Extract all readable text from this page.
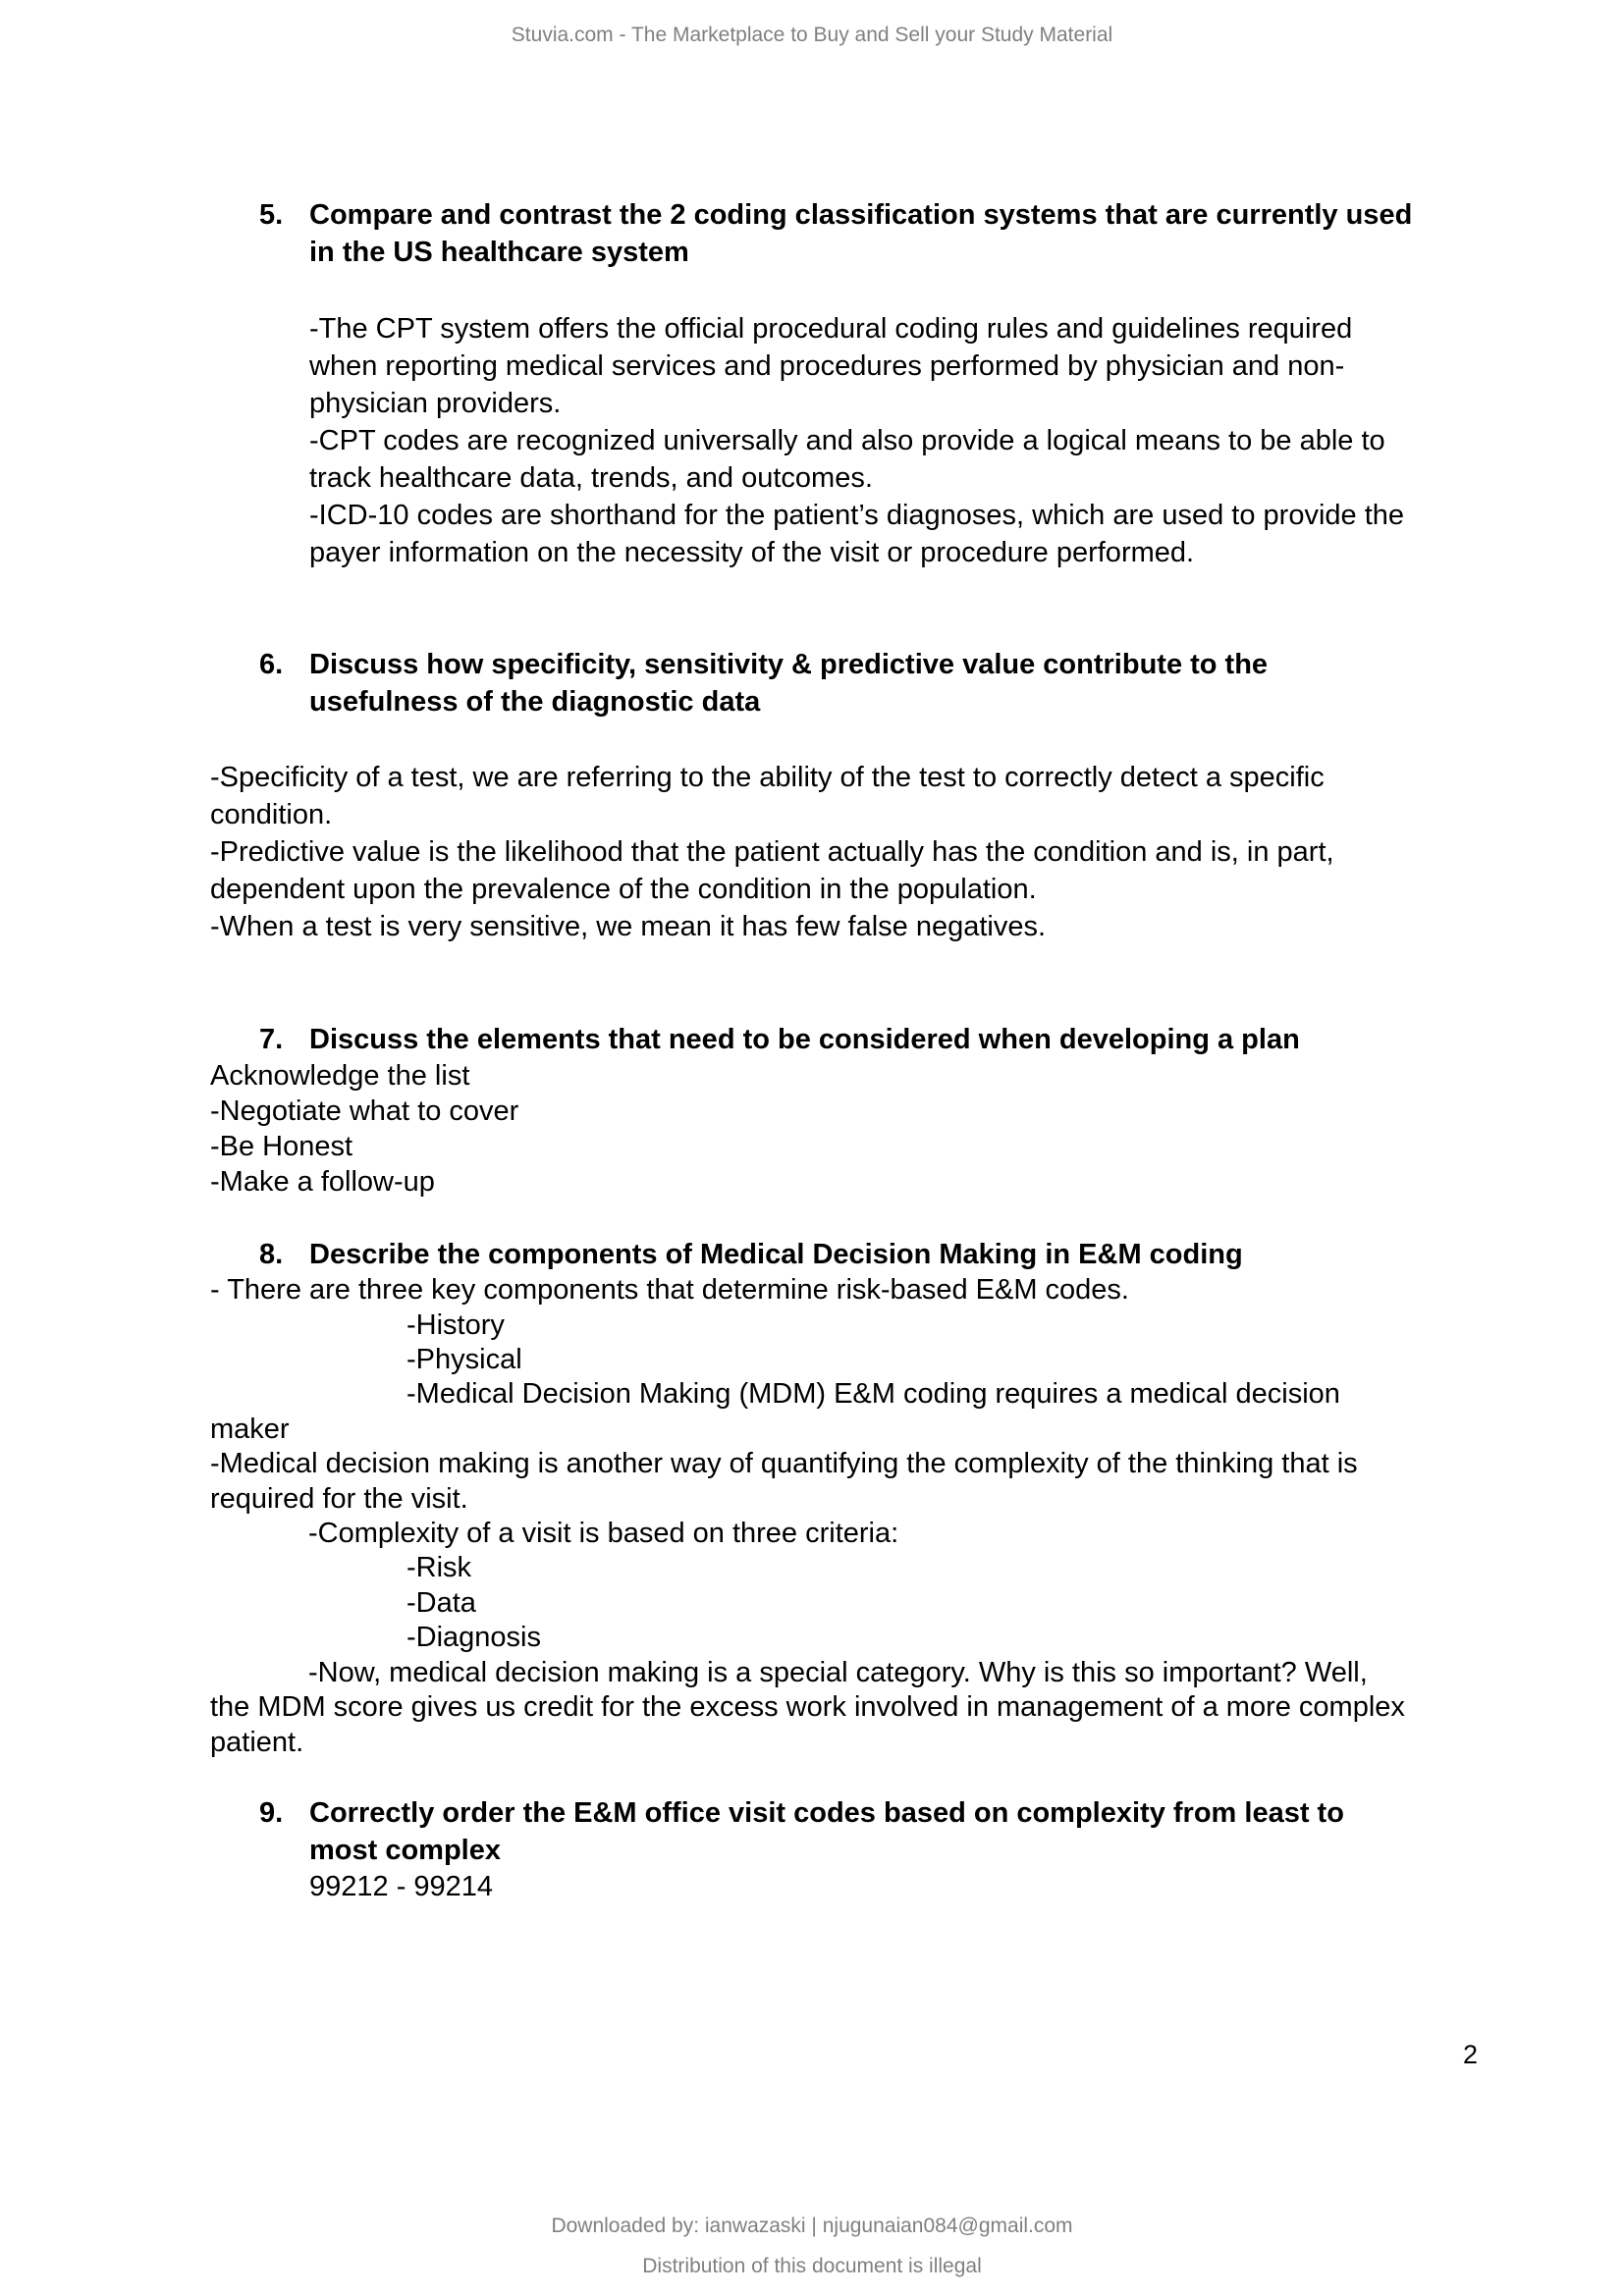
Stuvia.com - The Marketplace to Buy and Sell your Study Material
5. Compare and contrast the 2 coding classification systems that are currently used
in the US healthcare system
-The CPT system offers the official procedural coding rules and guidelines required
when reporting medical services and procedures performed by physician and non-
physician providers.
-CPT codes are recognized universally and also provide a logical means to be able to
track healthcare data, trends, and outcomes.
-ICD-10 codes are shorthand for the patient’s diagnoses, which are used to provide the
payer information on the necessity of the visit or procedure performed.
6. Discuss how specificity, sensitivity & predictive value contribute to the
usefulness of the diagnostic data
-Specificity of a test, we are referring to the ability of the test to correctly detect a specific
condition.
-Predictive value is the likelihood that the patient actually has the condition and is, in part,
dependent upon the prevalence of the condition in the population.
-When a test is very sensitive, we mean it has few false negatives.
7. Discuss the elements that need to be considered when developing a plan
Acknowledge the list
-Negotiate what to cover
-Be Honest
-Make a follow-up
8. Describe the components of Medical Decision Making in E&M coding
- There are three key components that determine risk-based E&M codes.
-History
-Physical
-Medical Decision Making (MDM) E&M coding requires a medical decision
maker
-Medical decision making is another way of quantifying the complexity of the thinking that is
required for the visit.
-Complexity of a visit is based on three criteria:
-Risk
-Data
-Diagnosis
-Now, medical decision making is a special category. Why is this so important? Well,
the MDM score gives us credit for the excess work involved in management of a more complex
patient.
9. Correctly order the E&M office visit codes based on complexity from least to
most complex
99212 - 99214
2
Downloaded by: ianwazaski | njugunaian084@gmail.com
Distribution of this document is illegal
